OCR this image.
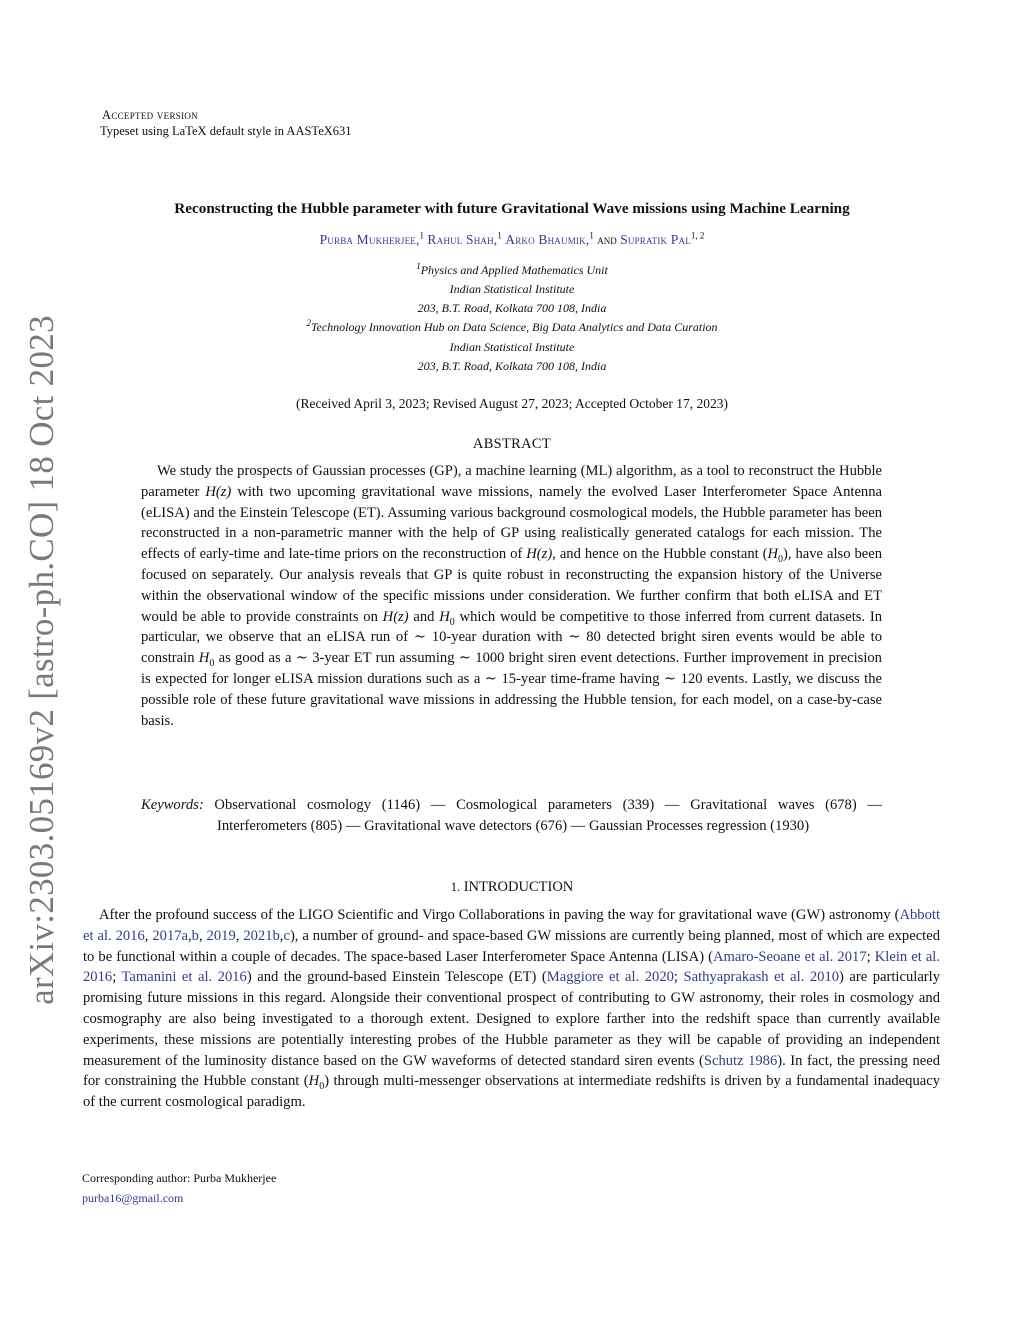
arXiv:2303.05169v2 [astro-ph.CO] 18 Oct 2023
Accepted version
Typeset using LaTeX default style in AASTeX631
Reconstructing the Hubble parameter with future Gravitational Wave missions using Machine Learning
Purba Mukherjee,$^1$ Rahul Shah,$^1$ Arko Bhaumik,$^1$ and Supratik Pal$^{1, 2}$
$^1$Physics and Applied Mathematics Unit
Indian Statistical Institute
203, B.T. Road, Kolkata 700 108, India
$^2$Technology Innovation Hub on Data Science, Big Data Analytics and Data Curation
Indian Statistical Institute
203, B.T. Road, Kolkata 700 108, India
(Received April 3, 2023; Revised August 27, 2023; Accepted October 17, 2023)
ABSTRACT
We study the prospects of Gaussian processes (GP), a machine learning (ML) algorithm, as a tool to reconstruct the Hubble parameter H(z) with two upcoming gravitational wave missions, namely the evolved Laser Interferometer Space Antenna (eLISA) and the Einstein Telescope (ET). Assuming various background cosmological models, the Hubble parameter has been reconstructed in a non-parametric manner with the help of GP using realistically generated catalogs for each mission. The effects of early-time and late-time priors on the reconstruction of H(z), and hence on the Hubble constant $(H_0)$, have also been focused on separately. Our analysis reveals that GP is quite robust in reconstructing the expansion history of the Universe within the observational window of the specific missions under consideration. We further confirm that both eLISA and ET would be able to provide constraints on H(z) and $H_0$ which would be competitive to those inferred from current datasets. In particular, we observe that an eLISA run of ∼ 10-year duration with ∼ 80 detected bright siren events would be able to constrain $H_0$ as good as a ∼ 3-year ET run assuming ∼ 1000 bright siren event detections. Further improvement in precision is expected for longer eLISA mission durations such as a ∼ 15-year time-frame having ∼ 120 events. Lastly, we discuss the possible role of these future gravitational wave missions in addressing the Hubble tension, for each model, on a case-by-case basis.
Keywords: Observational cosmology (1146) — Cosmological parameters (339) — Gravitational waves (678) — Interferometers (805) — Gravitational wave detectors (676) — Gaussian Processes regression (1930)
1. INTRODUCTION
After the profound success of the LIGO Scientific and Virgo Collaborations in paving the way for gravitational wave (GW) astronomy (Abbott et al. 2016, 2017a,b, 2019, 2021b,c), a number of ground- and space-based GW missions are currently being planned, most of which are expected to be functional within a couple of decades. The space-based Laser Interferometer Space Antenna (LISA) (Amaro-Seoane et al. 2017; Klein et al. 2016; Tamanini et al. 2016) and the ground-based Einstein Telescope (ET) (Maggiore et al. 2020; Sathyaprakash et al. 2010) are particularly promising future missions in this regard. Alongside their conventional prospect of contributing to GW astronomy, their roles in cosmology and cosmography are also being investigated to a thorough extent. Designed to explore farther into the redshift space than currently available experiments, these missions are potentially interesting probes of the Hubble parameter as they will be capable of providing an independent measurement of the luminosity distance based on the GW waveforms of detected standard siren events (Schutz 1986). In fact, the pressing need for constraining the Hubble constant $(H_0)$ through multi-messenger observations at intermediate redshifts is driven by a fundamental inadequacy of the current cosmological paradigm.
Corresponding author: Purba Mukherjee
purba16@gmail.com
